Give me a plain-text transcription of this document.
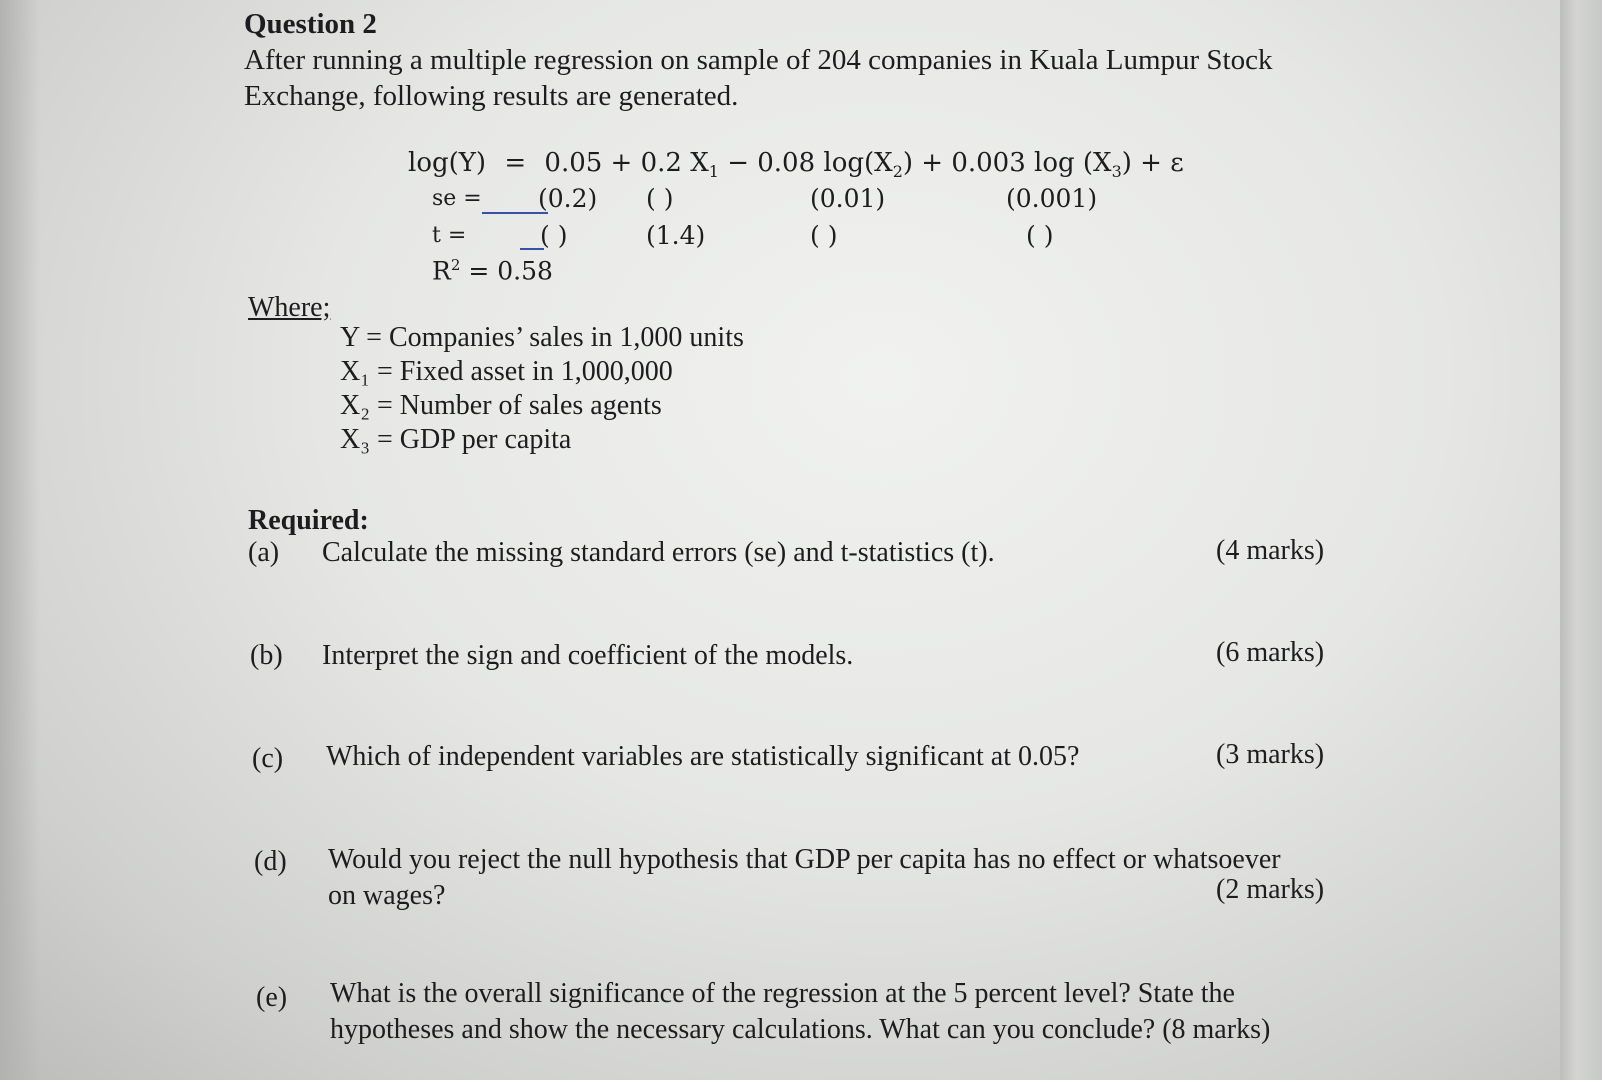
Question 2
After running a multiple regression on sample of 204 companies in Kuala Lumpur Stock
Exchange, following results are generated.
log(Y) = 0.05 + 0.2 $X_1 - 0.08$ $\log(X_2) + 0.003$ $\log (X_3) + \varepsilon$
se = (0.2) ( )	(0.01)	(0.001)
t =	( )	(1.4)	( )	( )
$R^2 = 0.58$
Where;
Y = Companies’ sales in 1,000 units
X₁ = Fixed asset in 1,000,000
X₂ = Number of sales agents
X₃ = GDP per capita
Required:
(a) Calculate the missing standard errors (se) and t-statistics (t).	(4 marks)
(b) Interpret the sign and coefficient of the models.	(6 marks)
(c) Which of independent variables are statistically significant at 0.05?	(3 marks)
(d) Would you reject the null hypothesis that GDP per capita has no effect or whatsoever
on wages?	(2 marks)
(e) What is the overall significance of the regression at the 5 percent level? State the
hypotheses and show the necessary calculations. What can you conclude? (8 marks)
